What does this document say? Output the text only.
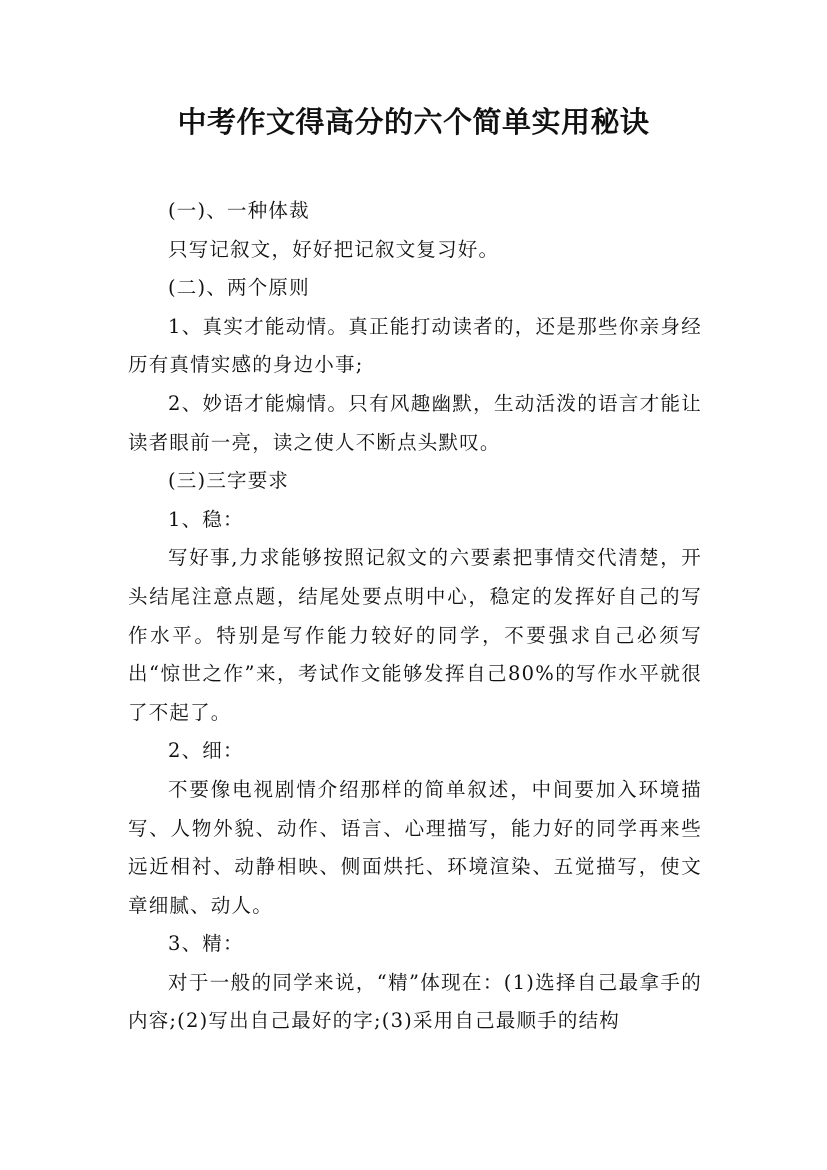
中考作文得高分的六个简单实用秘诀

(一)、一种体裁

只写记叙文，好好把记叙文复习好。

(二)、两个原则

1、真实才能动情。真正能打动读者的，还是那些你亲身经历有真情实感的身边小事;

2、妙语才能煽情。只有风趣幽默，生动活泼的语言才能让读者眼前一亮，读之使人不断点头默叹。

(三)三字要求

1、稳：

写好事,力求能够按照记叙文的六要素把事情交代清楚，开头结尾注意点题，结尾处要点明中心，稳定的发挥好自己的写作水平。特别是写作能力较好的同学，不要强求自己必须写出“惊世之作”来，考试作文能够发挥自己80%的写作水平就很了不起了。

2、细：

不要像电视剧情介绍那样的简单叙述，中间要加入环境描写、人物外貌、动作、语言、心理描写，能力好的同学再来些远近相衬、动静相映、侧面烘托、环境渲染、五觉描写，使文章细腻、动人。

3、精：

对于一般的同学来说，“精”体现在：(1)选择自己最拿手的内容;(2)写出自己最好的字;(3)采用自己最顺手的结构
